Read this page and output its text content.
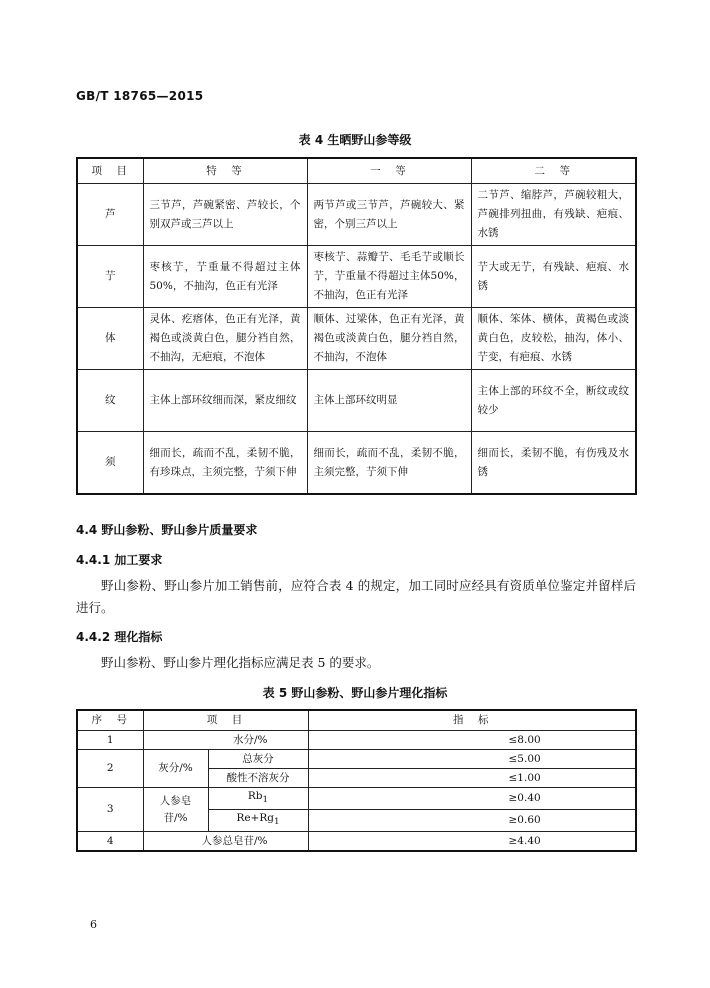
GB/T 18765—2015
表 4 生晒野山参等级
项　目	特　等	一　等	二　等
芦	三节芦，芦碗紧密、芦较长，个别双芦或三芦以上	两节芦或三节芦，芦碗较大、紧密，个别三芦以上	二节芦、缩脖芦，芦碗较粗大，芦碗排列扭曲，有残缺、疤痕、水锈
艼	枣核艼，艼重量不得超过主体50%，不抽沟，色正有光泽	枣核艼、蒜瓣艼、毛毛艼或顺长艼，艼重量不得超过主体50%，不抽沟，色正有光泽	艼大或无艼，有残缺、疤痕、水锈
体	灵体、疙瘩体，色正有光泽，黄褐色或淡黄白色，腿分裆自然，不抽沟，无疤痕，不泡体	顺体、过梁体，色正有光泽，黄褐色或淡黄白色，腿分裆自然，不抽沟，不泡体	顺体、笨体、横体，黄褐色或淡黄白色，皮较松，抽沟，体小、艼变，有疤痕、水锈
纹	主体上部环纹细而深，紧皮细纹	主体上部环纹明显	主体上部的环纹不全，断纹或纹较少
须	细而长，疏而不乱，柔韧不脆，有珍珠点，主须完整，艼须下伸	细而长，疏而不乱，柔韧不脆，主须完整，艼须下伸	细而长，柔韧不脆，有伤残及水锈
4.4 野山参粉、野山参片质量要求
4.4.1 加工要求
野山参粉、野山参片加工销售前，应符合表 4 的规定，加工同时应经具有资质单位鉴定并留样后进行。
4.4.2 理化指标
野山参粉、野山参片理化指标应满足表 5 的要求。
表 5 野山参粉、野山参片理化指标
序　号	项　目		指　标
1	水分/%		≤8.00
2	灰分/%	总灰分	≤5.00
		酸性不溶灰分	≤1.00
3	人参皂苷/%	$Rb_1$	≥0.40
		$Re+Rg_1$	≥0.60
4	人参总皂苷/%		≥4.40
6
